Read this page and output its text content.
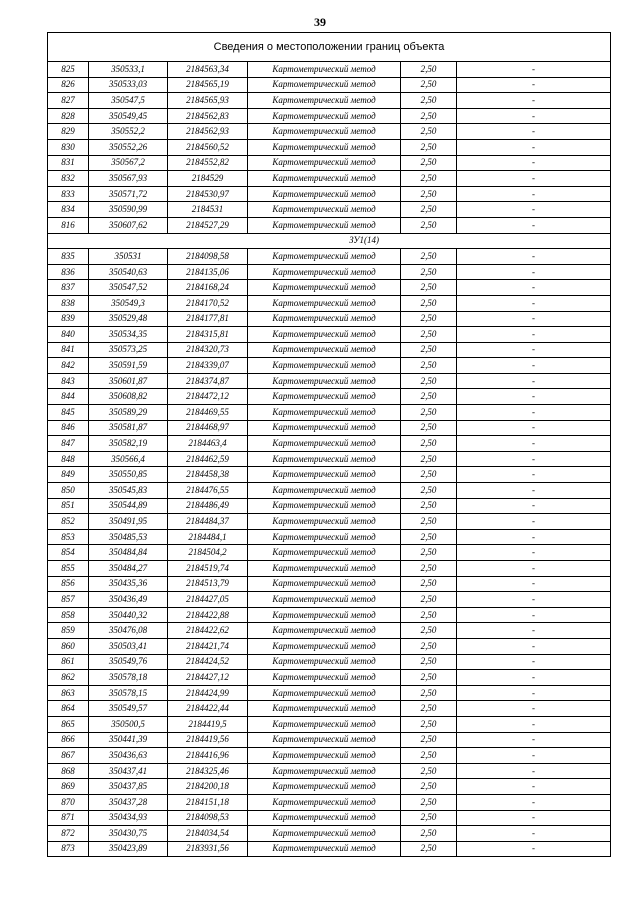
39
Сведения о местоположении границ объекта					
825	350533,1	2184563,34	Картометрический метод	2,50	-
826	350533,03	2184565,19	Картометрический метод	2,50	-
827	350547,5	2184565,93	Картометрический метод	2,50	-
828	350549,45	2184562,83	Картометрический метод	2,50	-
829	350552,2	2184562,93	Картометрический метод	2,50	-
830	350552,26	2184560,52	Картометрический метод	2,50	-
831	350567,2	2184552,82	Картометрический метод	2,50	-
832	350567,93	2184529	Картометрический метод	2,50	-
833	350571,72	2184530,97	Картометрический метод	2,50	-
834	350590,99	2184531	Картометрический метод	2,50	-
816	350607,62	2184527,29	Картометрический метод	2,50	-
ЗУ1(14)					
835	350531	2184098,58	Картометрический метод	2,50	-
836	350540,63	2184135,06	Картометрический метод	2,50	-
837	350547,52	2184168,24	Картометрический метод	2,50	-
838	350549,3	2184170,52	Картометрический метод	2,50	-
839	350529,48	2184177,81	Картометрический метод	2,50	-
840	350534,35	2184315,81	Картометрический метод	2,50	-
841	350573,25	2184320,73	Картометрический метод	2,50	-
842	350591,59	2184339,07	Картометрический метод	2,50	-
843	350601,87	2184374,87	Картометрический метод	2,50	-
844	350608,82	2184472,12	Картометрический метод	2,50	-
845	350589,29	2184469,55	Картометрический метод	2,50	-
846	350581,87	2184468,97	Картометрический метод	2,50	-
847	350582,19	2184463,4	Картометрический метод	2,50	-
848	350566,4	2184462,59	Картометрический метод	2,50	-
849	350550,85	2184458,38	Картометрический метод	2,50	-
850	350545,83	2184476,55	Картометрический метод	2,50	-
851	350544,89	2184486,49	Картометрический метод	2,50	-
852	350491,95	2184484,37	Картометрический метод	2,50	-
853	350485,53	2184484,1	Картометрический метод	2,50	-
854	350484,84	2184504,2	Картометрический метод	2,50	-
855	350484,27	2184519,74	Картометрический метод	2,50	-
856	350435,36	2184513,79	Картометрический метод	2,50	-
857	350436,49	2184427,05	Картометрический метод	2,50	-
858	350440,32	2184422,88	Картометрический метод	2,50	-
859	350476,08	2184422,62	Картометрический метод	2,50	-
860	350503,41	2184421,74	Картометрический метод	2,50	-
861	350549,76	2184424,52	Картометрический метод	2,50	-
862	350578,18	2184427,12	Картометрический метод	2,50	-
863	350578,15	2184424,99	Картометрический метод	2,50	-
864	350549,57	2184422,44	Картометрический метод	2,50	-
865	350500,5	2184419,5	Картометрический метод	2,50	-
866	350441,39	2184419,56	Картометрический метод	2,50	-
867	350436,63	2184416,96	Картометрический метод	2,50	-
868	350437,41	2184325,46	Картометрический метод	2,50	-
869	350437,85	2184200,18	Картометрический метод	2,50	-
870	350437,28	2184151,18	Картометрический метод	2,50	-
871	350434,93	2184098,53	Картометрический метод	2,50	-
872	350430,75	2184034,54	Картометрический метод	2,50	-
873	350423,89	2183931,56	Картометрический метод	2,50	-
